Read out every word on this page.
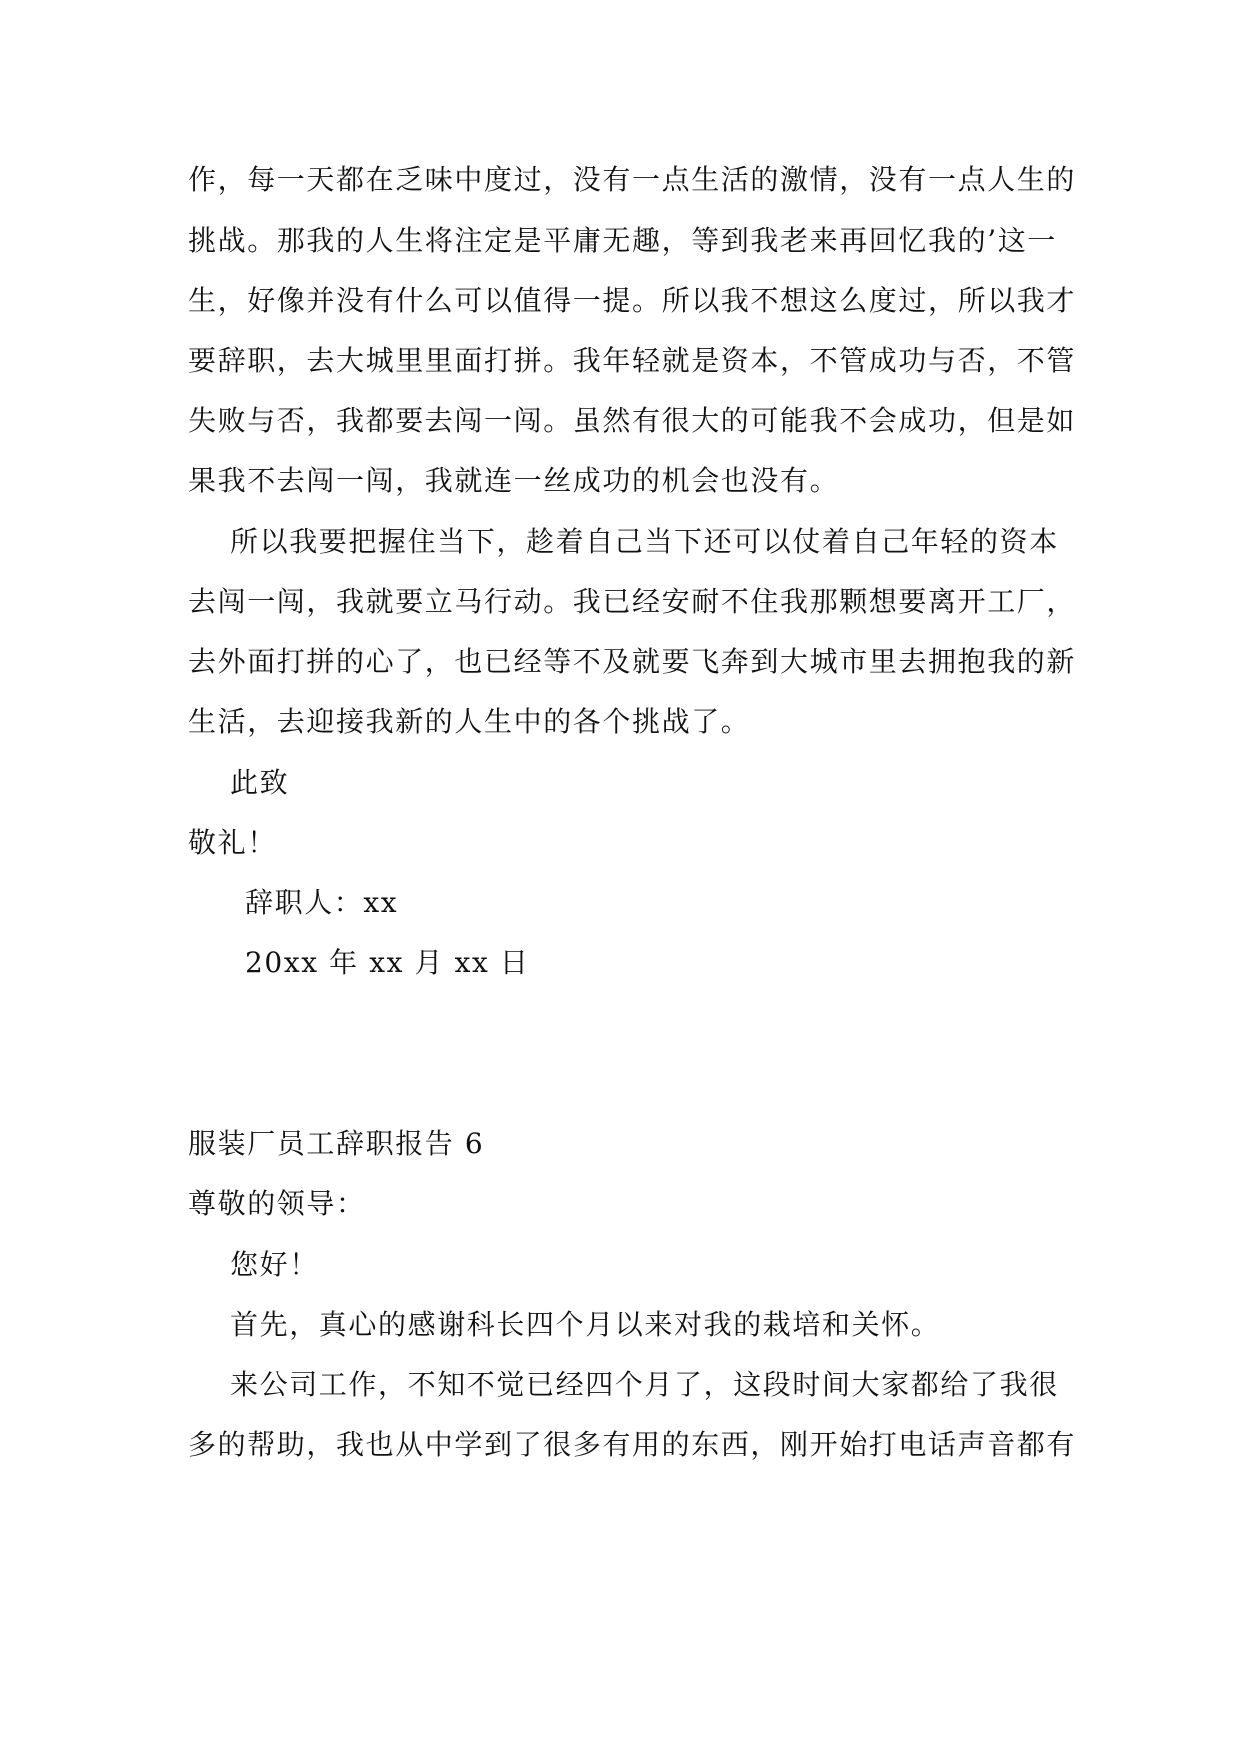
作，每一天都在乏味中度过，没有一点生活的激情，没有一点人生的
挑战。那我的人生将注定是平庸无趣，等到我老来再回忆我的’这一
生，好像并没有什么可以值得一提。所以我不想这么度过，所以我才
要辞职，去大城里里面打拼。我年轻就是资本，不管成功与否，不管
失败与否，我都要去闯一闯。虽然有很大的可能我不会成功，但是如
果我不去闯一闯，我就连一丝成功的机会也没有。
所以我要把握住当下，趁着自己当下还可以仗着自己年轻的资本
去闯一闯，我就要立马行动。我已经安耐不住我那颗想要离开工厂，
去外面打拼的心了，也已经等不及就要飞奔到大城市里去拥抱我的新
生活，去迎接我新的人生中的各个挑战了。
此致
敬礼！
辞职人：xx
20xx 年 xx 月 xx 日
服装厂员工辞职报告 6
尊敬的领导：
您好！
首先，真心的感谢科长四个月以来对我的栽培和关怀。
来公司工作，不知不觉已经四个月了，这段时间大家都给了我很
多的帮助，我也从中学到了很多有用的东西，刚开始打电话声音都有
